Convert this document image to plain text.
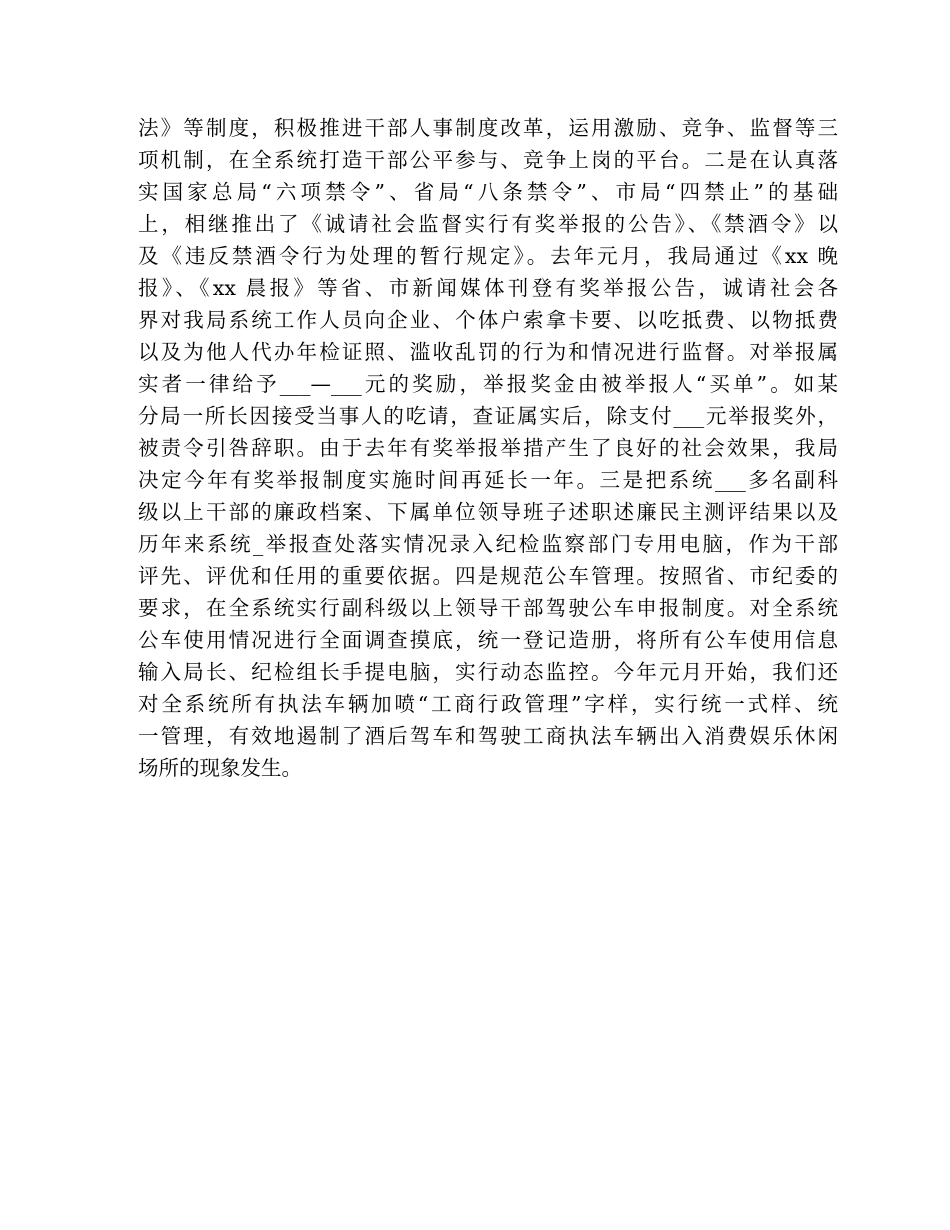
法》等制度，积极推进干部人事制度改革，运用激励、竞争、监督等三
项机制，在全系统打造干部公平参与、竞争上岗的平台。二是在认真落
实国家总局“六项禁令”、省局“八条禁令”、市局“四禁止”的基础
上，相继推出了《诚请社会监督实行有奖举报的公告》、《禁酒令》以
及《违反禁酒令行为处理的暂行规定》。去年元月，我局通过《xx 晚
报》、《xx 晨报》等省、市新闻媒体刊登有奖举报公告，诚请社会各
界对我局系统工作人员向企业、个体户索拿卡要、以吃抵费、以物抵费
以及为他人代办年检证照、滥收乱罚的行为和情况进行监督。对举报属
实者一律给予___—___元的奖励，举报奖金由被举报人“买单”。如某
分局一所长因接受当事人的吃请，查证属实后，除支付___元举报奖外，
被责令引咎辞职。由于去年有奖举报举措产生了良好的社会效果，我局
决定今年有奖举报制度实施时间再延长一年。三是把系统___多名副科
级以上干部的廉政档案、下属单位领导班子述职述廉民主测评结果以及
历年来系统_举报查处落实情况录入纪检监察部门专用电脑，作为干部
评先、评优和任用的重要依据。四是规范公车管理。按照省、市纪委的
要求，在全系统实行副科级以上领导干部驾驶公车申报制度。对全系统
公车使用情况进行全面调查摸底，统一登记造册，将所有公车使用信息
输入局长、纪检组长手提电脑，实行动态监控。今年元月开始，我们还
对全系统所有执法车辆加喷“工商行政管理”字样，实行统一式样、统
一管理，有效地遏制了酒后驾车和驾驶工商执法车辆出入消费娱乐休闲
场所的现象发生。
